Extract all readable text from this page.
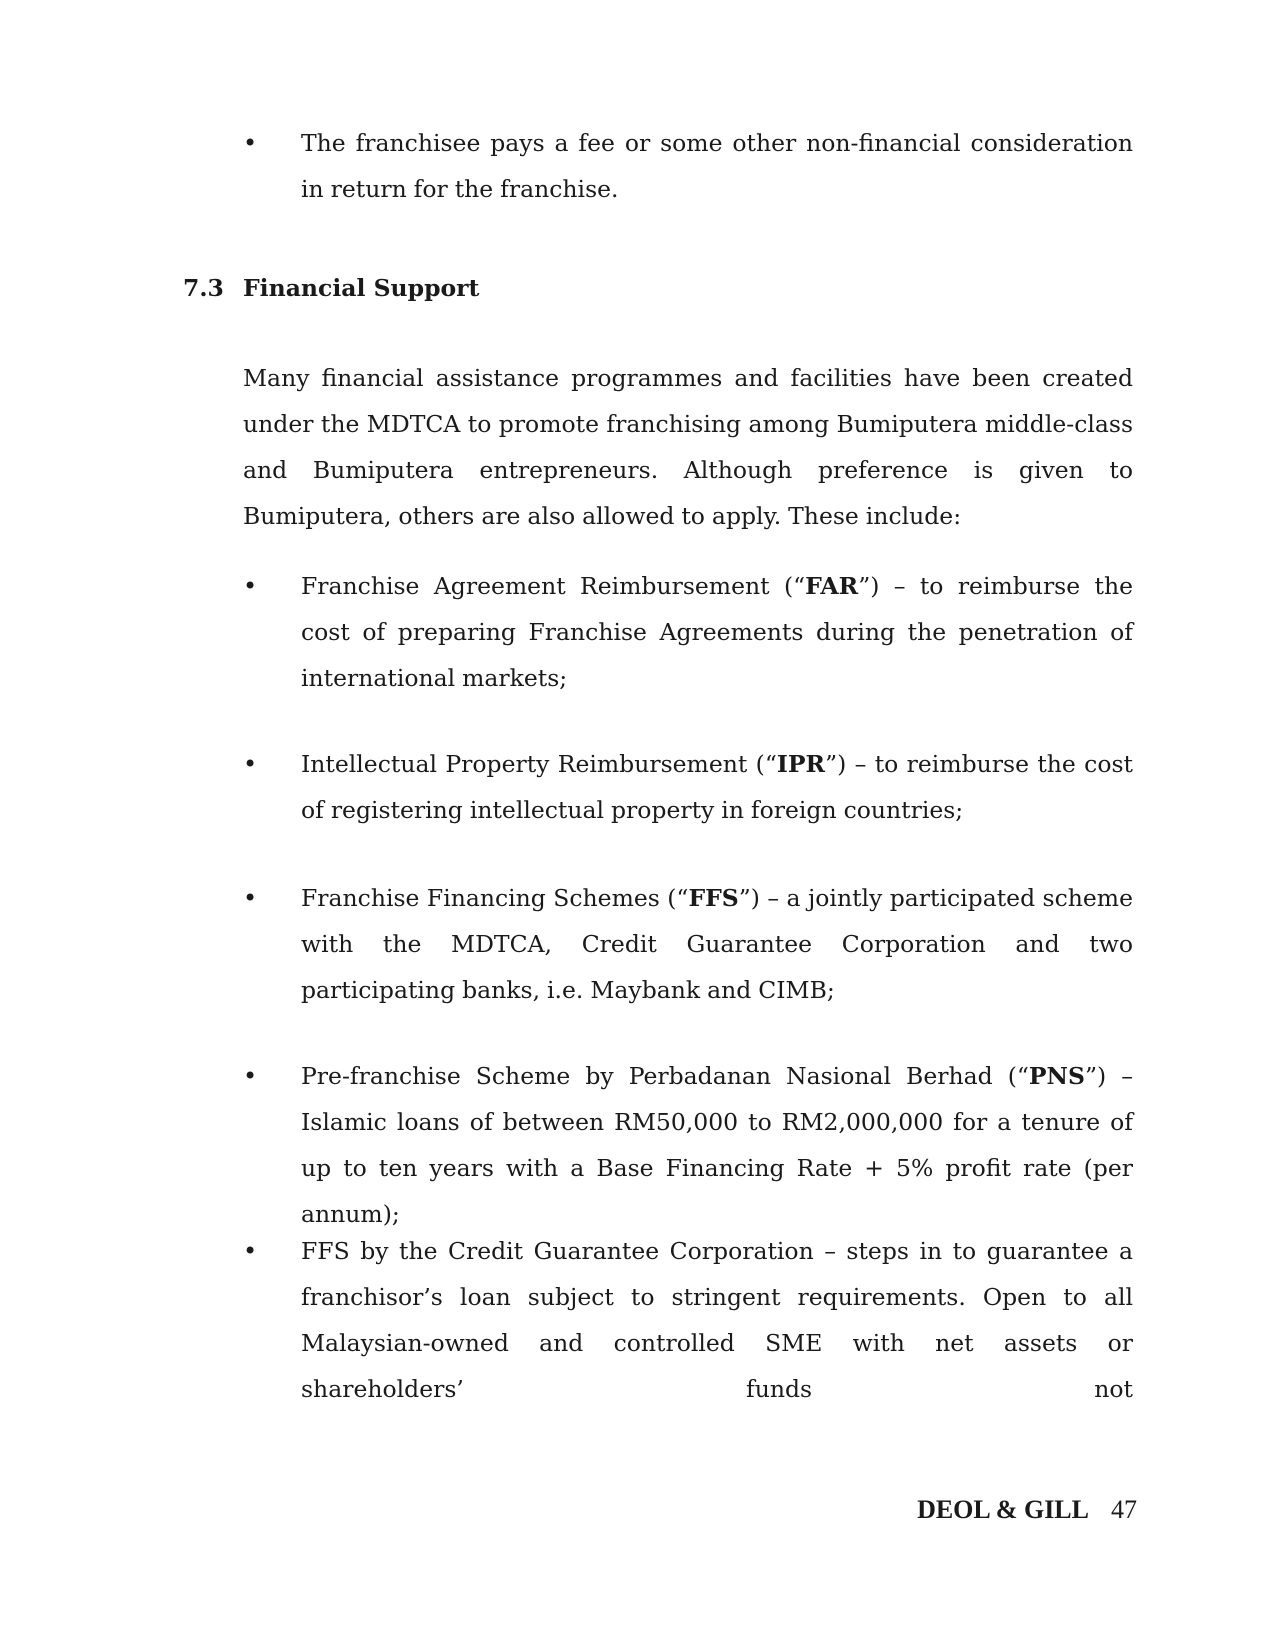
• The franchisee pays a fee or some other non-financial consideration in return for the franchise.
7.3 Financial Support
Many financial assistance programmes and facilities have been created under the MDTCA to promote franchising among Bumiputera middle-class and Bumiputera entrepreneurs. Although preference is given to Bumiputera, others are also allowed to apply. These include:
• Franchise Agreement Reimbursement (“FAR”) – to reimburse the cost of preparing Franchise Agreements during the penetration of international markets;
• Intellectual Property Reimbursement (“IPR”) – to reimburse the cost of registering intellectual property in foreign countries;
• Franchise Financing Schemes (“FFS”) – a jointly participated scheme with the MDTCA, Credit Guarantee Corporation and two participating banks, i.e. Maybank and CIMB;
• Pre-franchise Scheme by Perbadanan Nasional Berhad (“PNS”) – Islamic loans of between RM50,000 to RM2,000,000 for a tenure of up to ten years with a Base Financing Rate + 5% profit rate (per annum);
• FFS by the Credit Guarantee Corporation – steps in to guarantee a franchisor’s loan subject to stringent requirements. Open to all Malaysian-owned and controlled SME with net assets or shareholders’ funds not
DEOL & GILL 47
